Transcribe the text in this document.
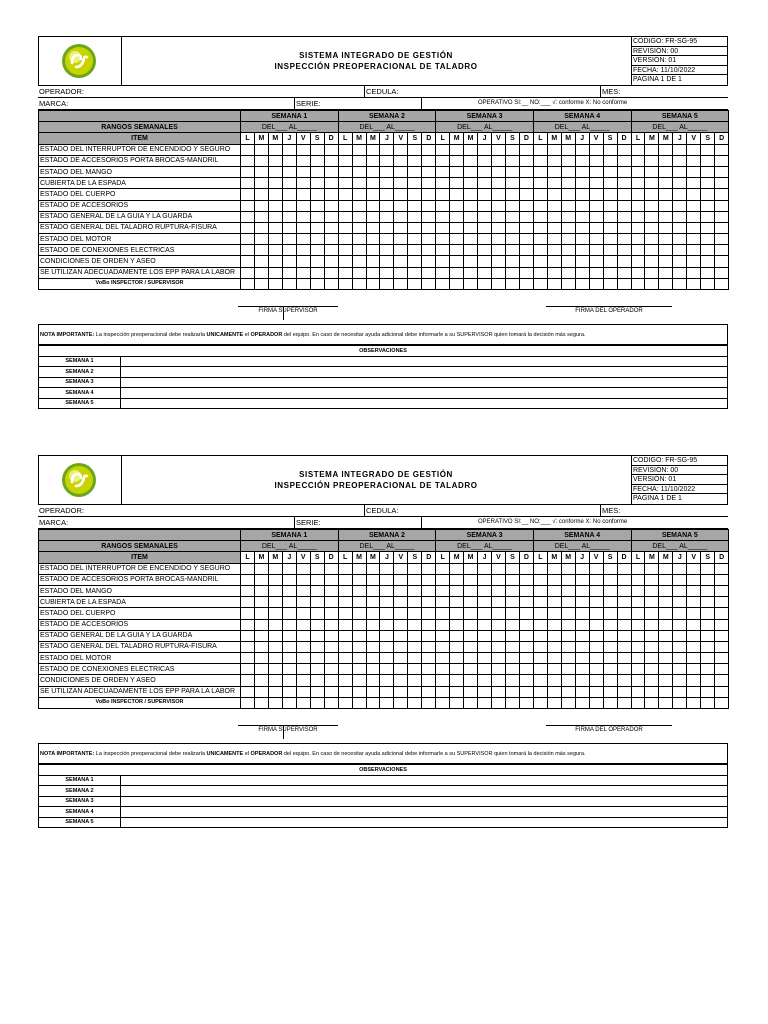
SISTEMA INTEGRADO DE GESTIÓN
INSPECCIÓN PREOPERACIONAL DE TALADRO
CODIGO: FR-SG-95
REVISIÓN: 00
VERSIÓN: 01
FECHA: 11/10/2022
PAGINA 1 DE 1
OPERADOR:	CEDULA:	MES:
MARCA:	SERIE:	OPERATIVO SI:__ NO:___ √: conforme X: No conforme
	SEMANA 1							SEMANA 2							SEMANA 3							SEMANA 4							SEMANA 5						
RANGOS SEMANALES	DEL___ AL_____							DEL___ AL_____							DEL___ AL_____							DEL___ AL_____							DEL___ AL_____						
ITEM	L	M	M	J	V	S	D	L	M	M	J	V	S	D	L	M	M	J	V	S	D	L	M	M	J	V	S	D	L	M	M	J	V	S	D
ESTADO DEL INTERRUPTOR DE ENCENDIDO Y SEGURO																																			
ESTADO DE ACCESORIOS PORTA BROCAS-MANDRIL																																			
ESTADO DEL MANGO																																			
CUBIERTA DE LA ESPADA																																			
ESTADO DEL CUERPO																																			
ESTADO DE ACCESORIOS																																			
ESTADO GENERAL DE LA GUIA Y LA GUARDA																																			
ESTADO GENERAL DEL TALADRO RUPTURA-FISURA																																			
ESTADO DEL MOTOR																																			
ESTADO DE CONEXIONES ELECTRICAS																																			
CONDICIONES DE ORDEN Y ASEO																																			
SE UTILIZAN ADECUADAMENTE LOS EPP PARA LA LABOR																																			
VoBo INSPECTOR / SUPERVISOR																																			
FIRMA SUPERVISOR	FIRMA DEL OPERADOR
NOTA IMPORTANTE: La inspección preoperacional debe realizarla UNICAMENTE el OPERADOR del equipo. En caso de necesitar ayuda adicional debe informarle a su SUPERVISOR quien tomará la decisión más segura.
OBSERVACIONES	
SEMANA 1	
SEMANA 2	
SEMANA 3	
SEMANA 4	
SEMANA 5	
SISTEMA INTEGRADO DE GESTIÓN
INSPECCIÓN PREOPERACIONAL DE TALADRO
CODIGO: FR-SG-95
REVISIÓN: 00
VERSIÓN: 01
FECHA: 11/10/2022
PAGINA 1 DE 1
OPERADOR:	CEDULA:	MES:
MARCA:	SERIE:	OPERATIVO SI:__ NO:___ √: conforme X: No conforme
	SEMANA 1							SEMANA 2							SEMANA 3							SEMANA 4							SEMANA 5						
RANGOS SEMANALES	DEL___ AL_____							DEL___ AL_____							DEL___ AL_____							DEL___ AL_____							DEL___ AL_____						
ITEM	L	M	M	J	V	S	D	L	M	M	J	V	S	D	L	M	M	J	V	S	D	L	M	M	J	V	S	D	L	M	M	J	V	S	D
ESTADO DEL INTERRUPTOR DE ENCENDIDO Y SEGURO																																			
ESTADO DE ACCESORIOS PORTA BROCAS-MANDRIL																																			
ESTADO DEL MANGO																																			
CUBIERTA DE LA ESPADA																																			
ESTADO DEL CUERPO																																			
ESTADO DE ACCESORIOS																																			
ESTADO GENERAL DE LA GUIA Y LA GUARDA																																			
ESTADO GENERAL DEL TALADRO RUPTURA-FISURA																																			
ESTADO DEL MOTOR																																			
ESTADO DE CONEXIONES ELECTRICAS																																			
CONDICIONES DE ORDEN Y ASEO																																			
SE UTILIZAN ADECUADAMENTE LOS EPP PARA LA LABOR																																			
VoBo INSPECTOR / SUPERVISOR																																			
FIRMA SUPERVISOR	FIRMA DEL OPERADOR
NOTA IMPORTANTE: La inspección preoperacional debe realizarla UNICAMENTE el OPERADOR del equipo. En caso de necesitar ayuda adicional debe informarle a su SUPERVISOR quien tomará la decisión más segura.
OBSERVACIONES	
SEMANA 1	
SEMANA 2	
SEMANA 3	
SEMANA 4	
SEMANA 5	
